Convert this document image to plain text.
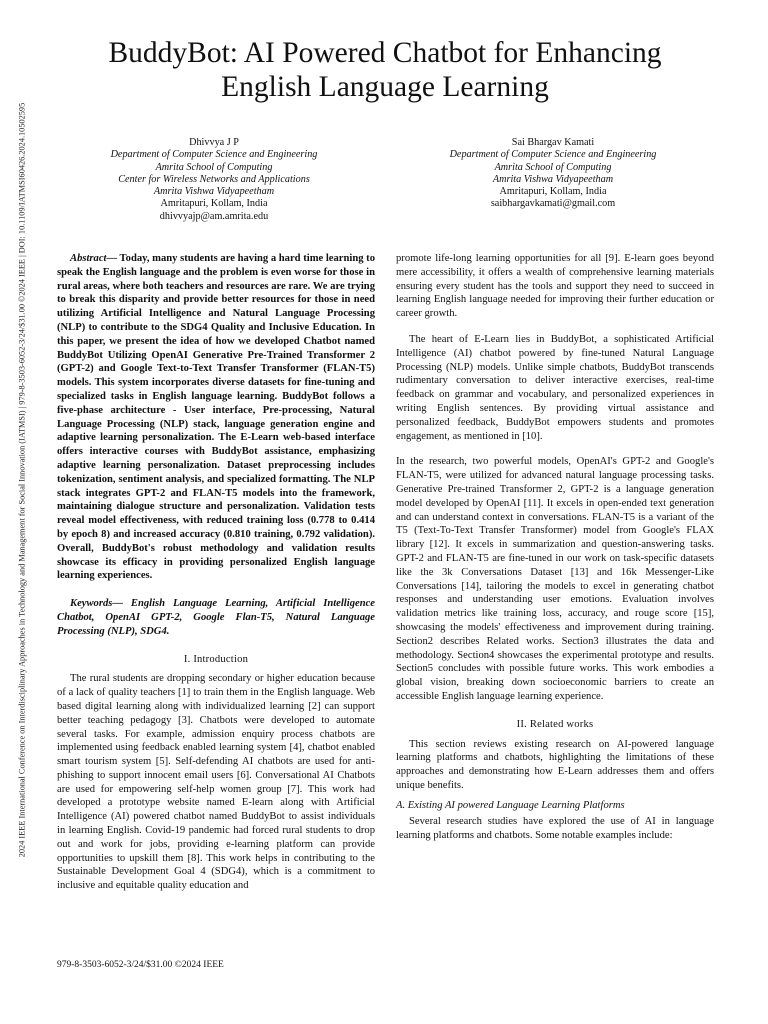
2024 IEEE International Conference on Interdisciplinary Approaches in Technology and Management for Social Innovation (IATMSI) | 979-8-3503-6052-3/24/$31.00 ©2024 IEEE | DOI: 10.1109/IATMSI60426.2024.10502595
BuddyBot: AI Powered Chatbot for Enhancing English Language Learning
Dhivvya J P
Department of Computer Science and Engineering
Amrita School of Computing
Center for Wireless Networks and Applications
Amrita Vishwa Vidyapeetham
Amritapuri, Kollam, India
dhivvyajp@am.amrita.edu
Sai Bhargav Kamati
Department of Computer Science and Engineering
Amrita School of Computing
Amrita Vishwa Vidyapeetham
Amritapuri, Kollam, India
saibhargavkamati@gmail.com

Abstract— Today, many students are having a hard time learning to speak the English language and the problem is even worse for those in rural areas, where both teachers and resources are rare. We are trying to break this disparity and provide better resources for those in need utilizing Artificial Intelligence and Natural Language Processing (NLP) to contribute to the SDG4 Quality and Inclusive Education. In this paper, we present the idea of how we developed Chatbot named BuddyBot Utilizing OpenAI Generative Pre-Trained Transformer 2 (GPT-2) and Google Text-to-Text Transfer Transformer (FLAN-T5) models. This system incorporates diverse datasets for fine-tuning and specialized tasks in English language learning. BuddyBot follows a five-phase architecture - User interface, Pre-processing, Natural Language Processing (NLP) stack, language generation engine and adaptive learning personalization. The E-Learn web-based interface offers interactive courses with BuddyBot assistance, emphasizing adaptive learning personalization. Dataset preprocessing includes tokenization, sentiment analysis, and specialized formatting. The NLP stack integrates GPT-2 and FLAN-T5 models into the framework, maintaining dialogue structure and personalization. Validation tests reveal model effectiveness, with reduced training loss (0.778 to 0.414 by epoch 8) and increased accuracy (0.810 training, 0.792 validation). Overall, BuddyBot's robust methodology and validation results showcase its efficacy in providing personalized English language learning experiences.

Keywords— English Language Learning, Artificial Intelligence Chatbot, OpenAI GPT-2, Google Flan-T5, Natural Language Processing (NLP), SDG4.

I. Introduction

The rural students are dropping secondary or higher education because of a lack of quality teachers [1] to train them in the English language. Web based digital learning along with individualized learning [2] can support better teaching pedagogy [3]. Chatbots were developed to automate several tasks. For example, admission enquiry process chatbots are implemented using feedback enabled learning system [4], chatbot enabled smart tourism system [5]. Self-defending AI chatbots are used for anti-phishing to support innocent email users [6]. Conversational AI Chatbots are used for empowering self-help women group [7]. This work had developed a prototype website named E-learn along with Artificial Intelligence (AI) powered chatbot named BuddyBot to assist individuals in learning English. Covid-19 pandemic had forced rural students to drop out and work for jobs, providing e-learning platform can provide opportunities to upskill them [8]. This work helps in contributing to the Sustainable Development Goal 4 (SDG4), which is a commitment to inclusive and equitable quality education and

promote life-long learning opportunities for all [9]. E-learn goes beyond mere accessibility, it offers a wealth of comprehensive learning materials ensuring every student has the tools and support they need to succeed in learning English language needed for improving their further education or career growth.

The heart of E-Learn lies in BuddyBot, a sophisticated Artificial Intelligence (AI) chatbot powered by fine-tuned Natural Language Processing (NLP) models. Unlike simple chatbots, BuddyBot transcends rudimentary conversation to deliver interactive exercises, real-time feedback on grammar and vocabulary, and personalized experiences in writing English sentences. By providing virtual assistance and personalized feedback, BuddyBot empowers students and promotes engagement, as mentioned in [10].

In the research, two powerful models, OpenAI's GPT-2 and Google's FLAN-T5, were utilized for advanced natural language processing tasks. Generative Pre-trained Transformer 2, GPT-2 is a language generation model developed by OpenAI [11]. It excels in open-ended text generation and can understand context in conversations. FLAN-T5 is a variant of the T5 (Text-To-Text Transfer Transformer) model from Google's FLAX library [12]. It excels in summarization and question-answering tasks. GPT-2 and FLAN-T5 are fine-tuned in our work on task-specific datasets like the 3k Conversations Dataset [13] and 16k Messenger-Like Conversations [14], tailoring the models to excel in generating chatbot responses and understanding user emotions. Evaluation involves validation metrics like training loss, accuracy, and rouge score [15], showcasing the models' effectiveness and improvement during training. Section2 describes Related works. Section3 illustrates the data and methodology. Section4 showcases the experimental prototype and results. Section5 concludes with possible future works. This work embodies a global vision, breaking down socioeconomic barriers to create an accessible English language learning experience.

II. Related works

This section reviews existing research on AI-powered language learning platforms and chatbots, highlighting the limitations of these approaches and demonstrating how E-Learn addresses them and offers unique benefits.

A. Existing AI powered Language Learning Platforms

Several research studies have explored the use of AI in language learning platforms and chatbots. Some notable examples include:

979-8-3503-6052-3/24/$31.00 ©2024 IEEE
